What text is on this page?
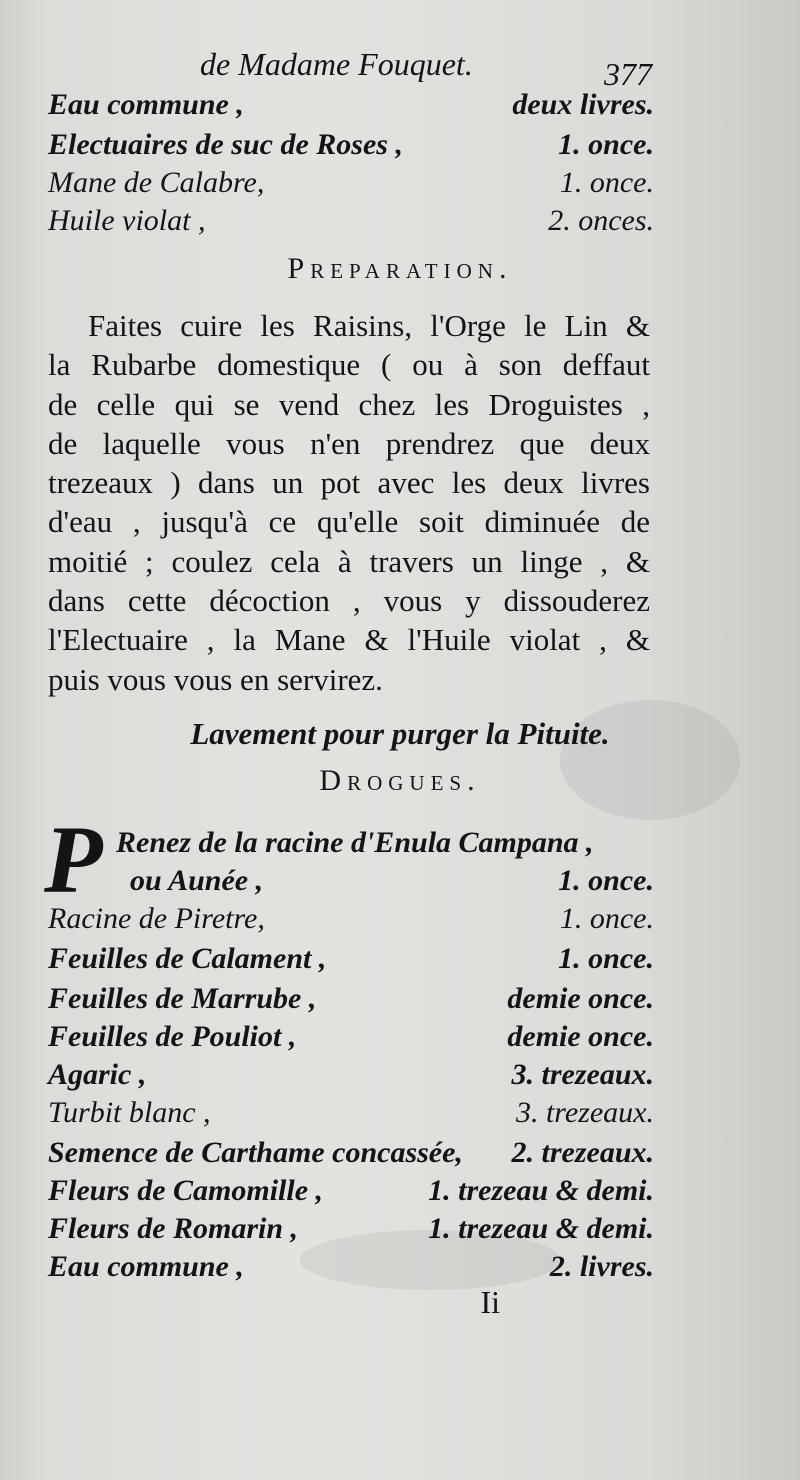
de Madame Fouquet.	377

Eau commune ,	deux livres.
Electuaires de suc de Roses ,	1. once.
Mane de Calabre,	1. once.
Huile violat ,	2. onces.

Preparation.

Faites cuire les Raisins, l'Orge le Lin &
la Rubarbe domestique ( ou à son deffaut
de celle qui se vend chez les Droguistes ,
de laquelle vous n'en prendrez que deux
trezeaux ) dans un pot avec les deux livres
d'eau , jusqu'à ce qu'elle soit diminuée de
moitié ; coulez cela à travers un linge , &
dans cette décoction , vous y dissouderez
l'Electuaire , la Mane & l'Huile violat , &
puis vous vous en servirez.

Lavement pour purger la Pituite.

Drogues.

P Renez de la racine d'Enula Campana ,
ou Aunée ,	1. once.
Racine de Piretre,	1. once.
Feuilles de Calament ,	1. once.
Feuilles de Marrube ,	demie once.
Feuilles de Pouliot ,	demie once.
Agaric ,	3. trezeaux.
Turbit blanc ,	3. trezeaux.
Semence de Carthame concassée, 2. trezeaux.
Fleurs de Camomille ,	1. trezeau & demi.
Fleurs de Romarin ,	1. trezeau & demi.
Eau commune ,	2. livres.

Ii
